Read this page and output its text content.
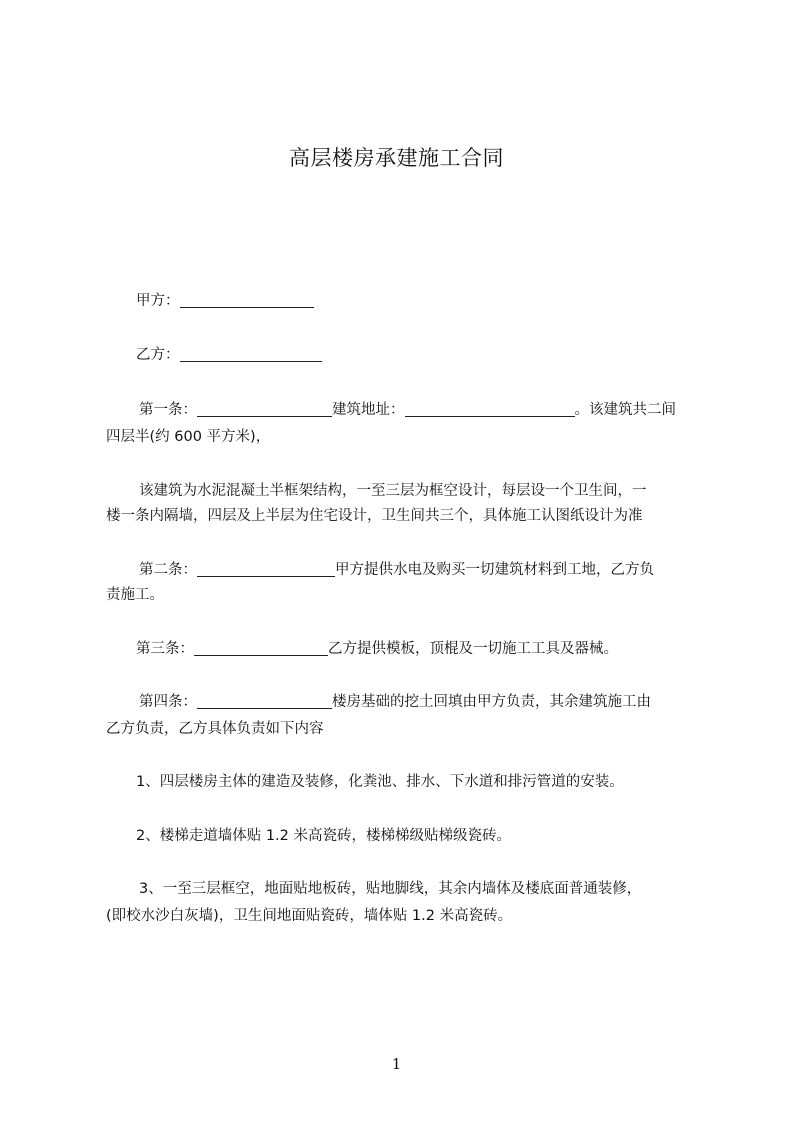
高层楼房承建施工合同
甲方：
乙方：
第一条：	建筑地址：	。该建筑共二间
四层半(约 600 平方米)，
该建筑为水泥混凝土半框架结构，一至三层为框空设计，每层设一个卫生间，一
楼一条内隔墙，四层及上半层为住宅设计，卫生间共三个，具体施工认图纸设计为准
第二条：	甲方提供水电及购买一切建筑材料到工地，乙方负
责施工。
第三条：	乙方提供模板，顶棍及一切施工工具及器械。
第四条：	楼房基础的挖土回填由甲方负责，其余建筑施工由
乙方负责，乙方具体负责如下内容
1、四层楼房主体的建造及装修，化粪池、排水、下水道和排污管道的安装。
2、楼梯走道墙体贴 1.2 米高瓷砖，楼梯梯级贴梯级瓷砖。
3、一至三层框空，地面贴地板砖，贴地脚线，其余内墙体及楼底面普通装修，
(即校水沙白灰墙)，卫生间地面贴瓷砖，墙体贴 1.2 米高瓷砖。
1
